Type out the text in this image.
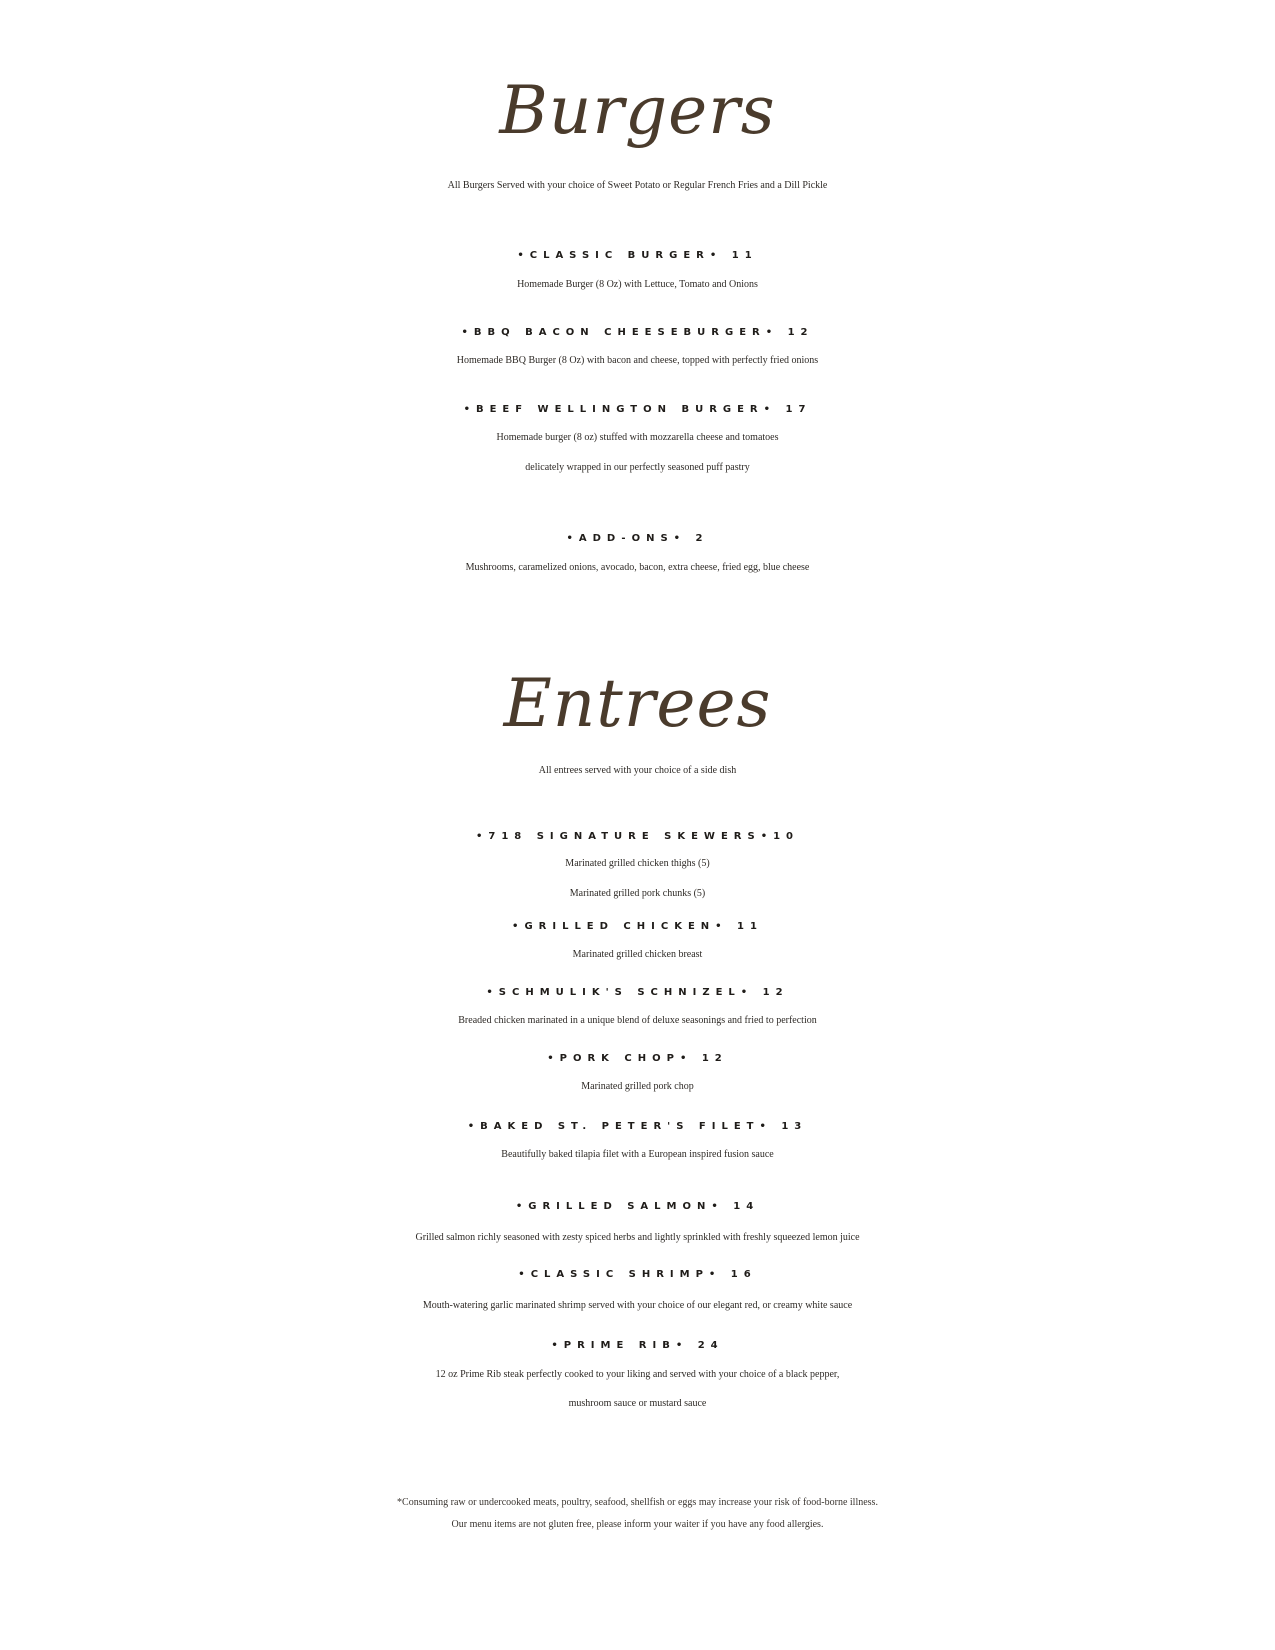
Burgers

All Burgers Served with your choice of Sweet Potato or Regular French Fries and a Dill Pickle

•CLASSIC BURGER• 11

Homemade Burger (8 Oz) with Lettuce, Tomato and Onions

•BBQ BACON CHEESEBURGER• 12

Homemade BBQ Burger (8 Oz) with bacon and cheese, topped with perfectly fried onions

•BEEF WELLINGTON BURGER• 17

Homemade burger (8 oz) stuffed with mozzarella cheese and tomatoes

delicately wrapped in our perfectly seasoned puff pastry

•ADD-ONS• 2

Mushrooms, caramelized onions, avocado, bacon, extra cheese, fried egg, blue cheese

Entrees

All entrees served with your choice of a side dish

•718 SIGNATURE SKEWERS•10

Marinated grilled chicken thighs (5)

Marinated grilled pork chunks (5)

•GRILLED CHICKEN• 11

Marinated grilled chicken breast

•SCHMULIK'S SCHNIZEL• 12

Breaded chicken marinated in a unique blend of deluxe seasonings and fried to perfection

•PORK CHOP• 12

Marinated grilled pork chop

•BAKED ST. PETER'S FILET• 13

Beautifully baked tilapia filet with a European inspired fusion sauce

•GRILLED SALMON• 14

Grilled salmon richly seasoned with zesty spiced herbs and lightly sprinkled with freshly squeezed lemon juice

•CLASSIC SHRIMP• 16

Mouth-watering garlic marinated shrimp served with your choice of our elegant red, or creamy white sauce

•PRIME RIB• 24

12 oz Prime Rib steak perfectly cooked to your liking and served with your choice of a black pepper,

mushroom sauce or mustard sauce

*Consuming raw or undercooked meats, poultry, seafood, shellfish or eggs may increase your risk of food-borne illness.

Our menu items are not gluten free, please inform your waiter if you have any food allergies.
